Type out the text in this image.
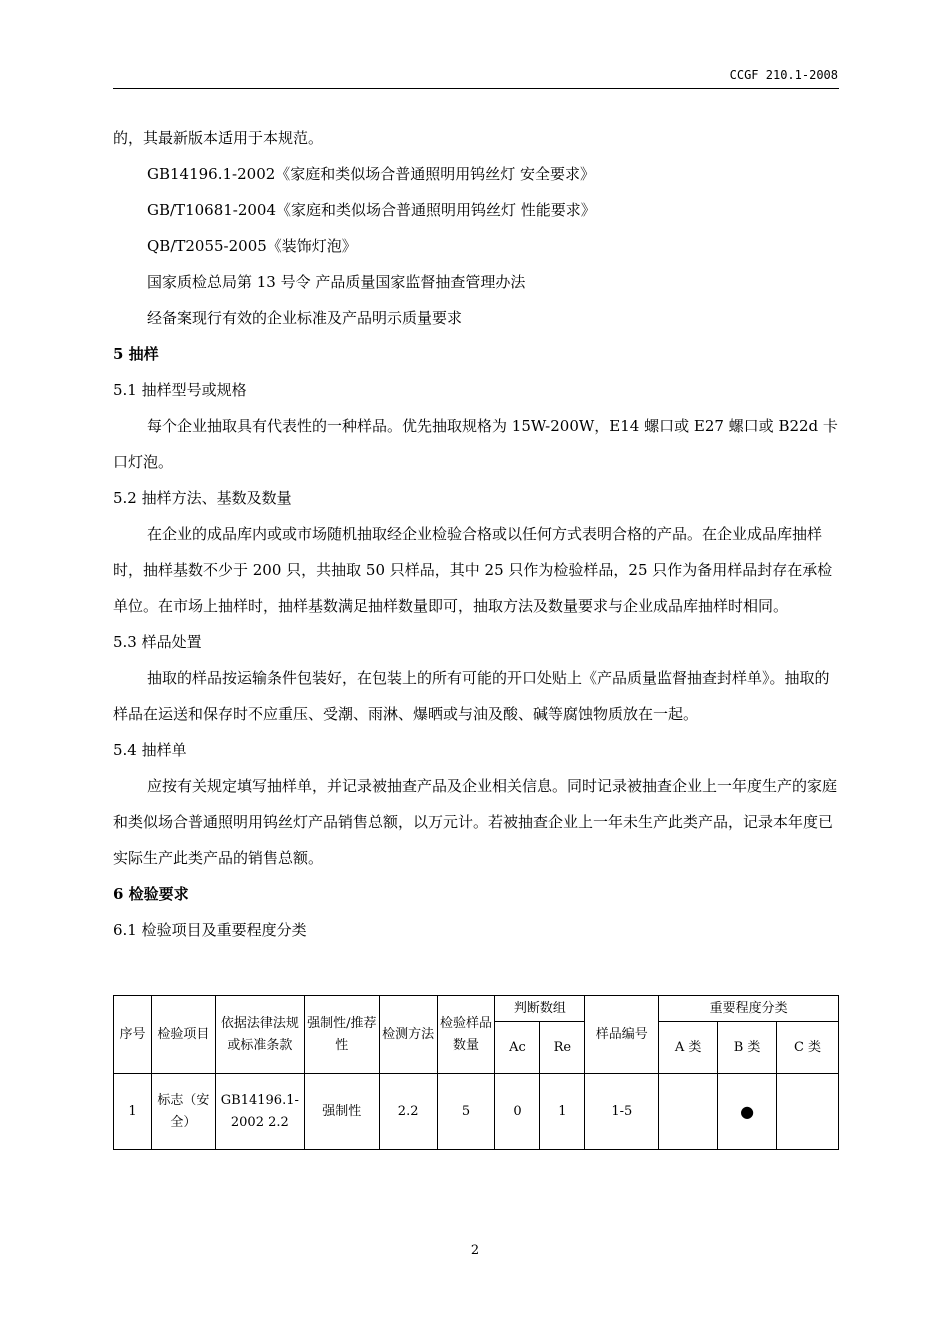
CCGF 210.1-2008

的，其最新版本适用于本规范。

GB14196.1-2002《家庭和类似场合普通照明用钨丝灯 安全要求》

GB/T10681-2004《家庭和类似场合普通照明用钨丝灯 性能要求》

QB/T2055-2005《装饰灯泡》

国家质检总局第 13 号令 产品质量国家监督抽查管理办法

经备案现行有效的企业标准及产品明示质量要求

5 抽样

5.1 抽样型号或规格

每个企业抽取具有代表性的一种样品。优先抽取规格为 15W-200W，E14 螺口或 E27 螺口或 B22d 卡口灯泡。

5.2 抽样方法、基数及数量

在企业的成品库内或或市场随机抽取经企业检验合格或以任何方式表明合格的产品。在企业成品库抽样时，抽样基数不少于 200 只，共抽取 50 只样品，其中 25 只作为检验样品，25 只作为备用样品封存在承检单位。在市场上抽样时，抽样基数满足抽样数量即可，抽取方法及数量要求与企业成品库抽样时相同。

5.3 样品处置

抽取的样品按运输条件包装好，在包装上的所有可能的开口处贴上《产品质量监督抽查封样单》。抽取的样品在运送和保存时不应重压、受潮、雨淋、爆晒或与油及酸、碱等腐蚀物质放在一起。

5.4 抽样单

应按有关规定填写抽样单，并记录被抽查产品及企业相关信息。同时记录被抽查企业上一年度生产的家庭和类似场合普通照明用钨丝灯产品销售总额，以万元计。若被抽查企业上一年未生产此类产品，记录本年度已实际生产此类产品的销售总额。

6 检验要求

6.1 检验项目及重要程度分类

序号	检验项目	依据法律法规或标准条款	强制性/推荐性	检测方法	检验样品数量	判断数组		样品编号	重要程度分类		
						Ac	Re		A 类	B 类	C 类
1	标志（安全）	GB14196.1-2002 2.2	强制性	2.2	5	0	1	1-5		●	
2
